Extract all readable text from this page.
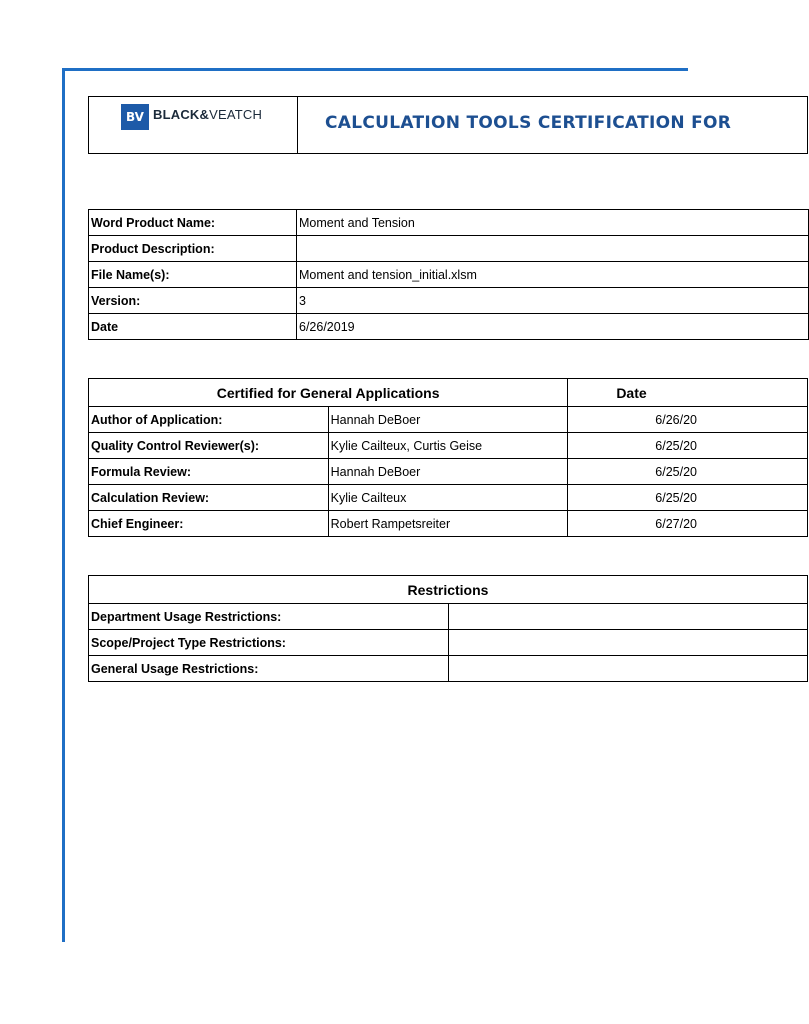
BV BLACK&VEATCH	CALCULATION TOOLS CERTIFICATION FOR
Word Product Name:	Moment and Tension
Product Description:	
File Name(s):	Moment and tension_initial.xlsm
Version:	3
Date	6/26/2019
Certified for General Applications		Date
Author of Application:	Hannah DeBoer	6/26/20
Quality Control Reviewer(s):	Kylie Cailteux, Curtis Geise	6/25/20
Formula Review:	Hannah DeBoer	6/25/20
Calculation Review:	Kylie Cailteux	6/25/20
Chief Engineer:	Robert Rampetsreiter	6/27/20
Restrictions	
Department Usage Restrictions:	
Scope/Project Type Restrictions:	
General Usage Restrictions:	
